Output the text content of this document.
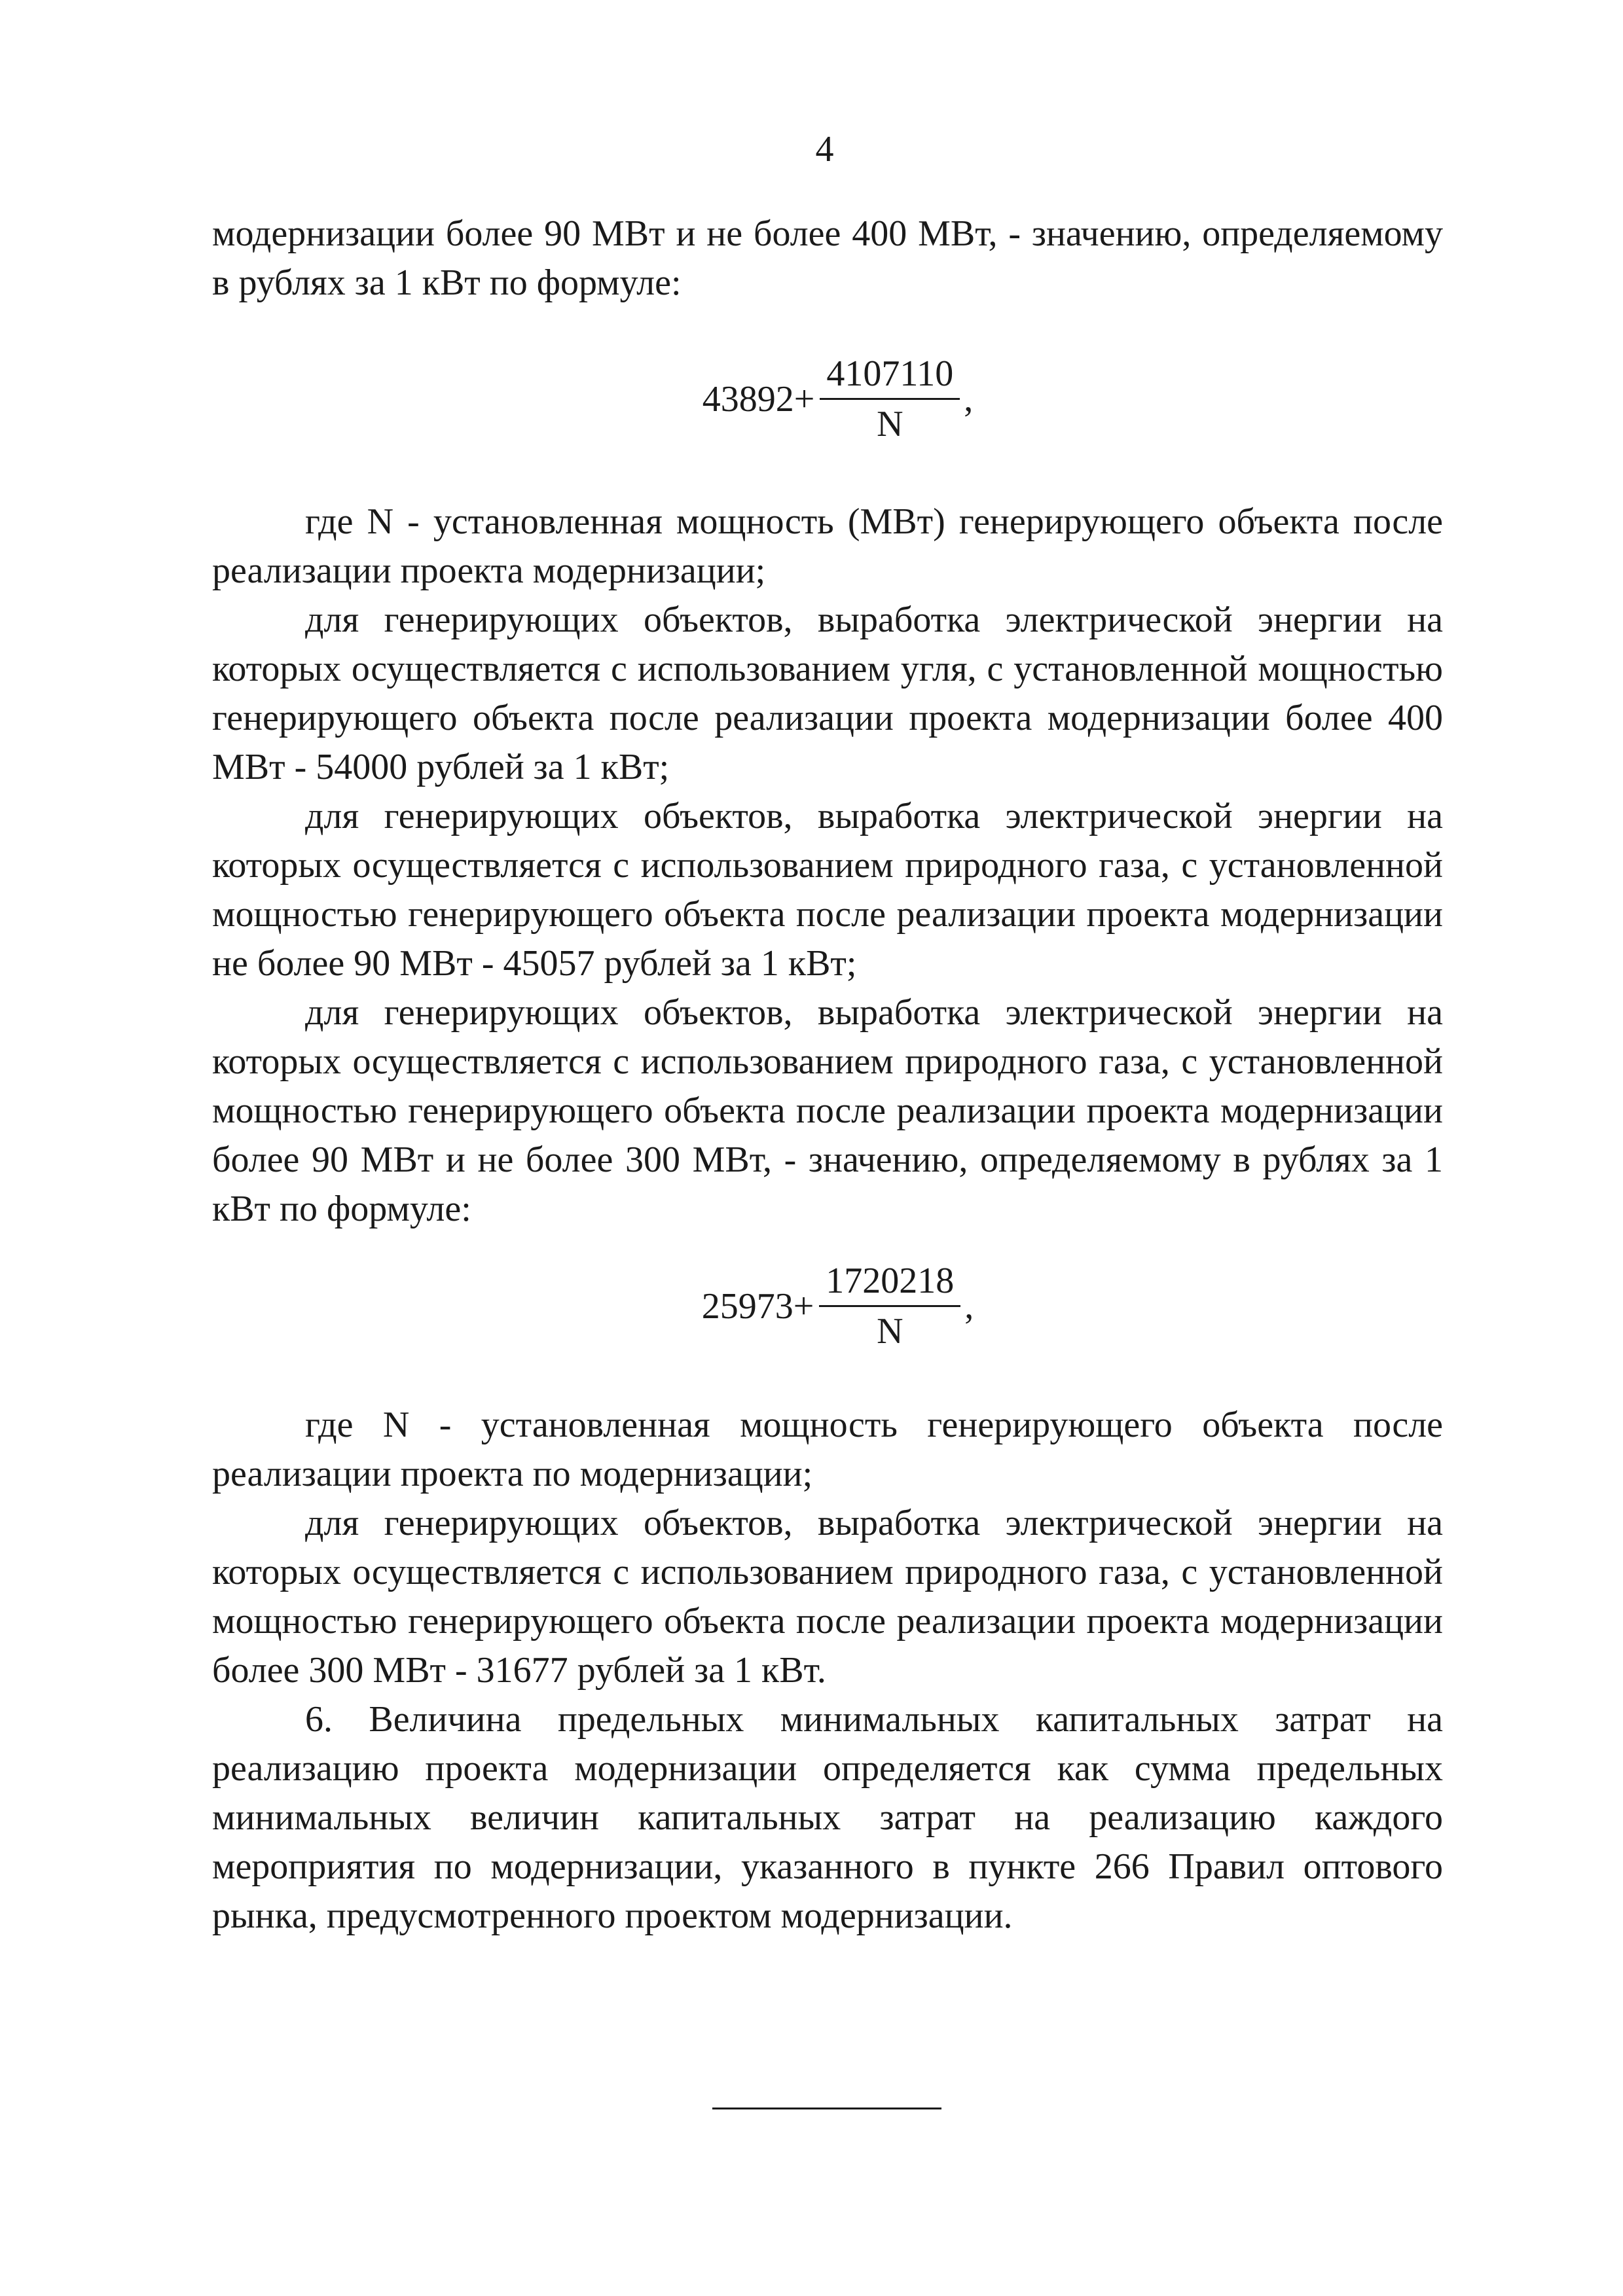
4

модернизации более 90 МВт и не более 400 МВт, - значению, определяемому в рублях за 1 кВт по формуле:

$43892+ \frac{4107110}{N}$ ,

где N - установленная мощность (МВт) генерирующего объекта после реализации проекта модернизации;

для генерирующих объектов, выработка электрической энергии на которых осуществляется с использованием угля, с установленной мощностью генерирующего объекта после реализации проекта модернизации более 400 МВт - 54000 рублей за 1 кВт;

для генерирующих объектов, выработка электрической энергии на которых осуществляется с использованием природного газа, с установленной мощностью генерирующего объекта после реализации проекта модернизации не более 90 МВт - 45057 рублей за 1 кВт;

для генерирующих объектов, выработка электрической энергии на которых осуществляется с использованием природного газа, с установленной мощностью генерирующего объекта после реализации проекта модернизации более 90 МВт и не более 300 МВт, - значению, определяемому в рублях за 1 кВт по формуле:

$25973+ \frac{1720218}{N}$ ,

где N - установленная мощность генерирующего объекта после реализации проекта по модернизации;

для генерирующих объектов, выработка электрической энергии на которых осуществляется с использованием природного газа, с установленной мощностью генерирующего объекта после реализации проекта модернизации более 300 МВт - 31677 рублей за 1 кВт.

6. Величина предельных минимальных капитальных затрат на реализацию проекта модернизации определяется как сумма предельных минимальных величин капитальных затрат на реализацию каждого мероприятия по модернизации, указанного в пункте 266 Правил оптового рынка, предусмотренного проектом модернизации.
